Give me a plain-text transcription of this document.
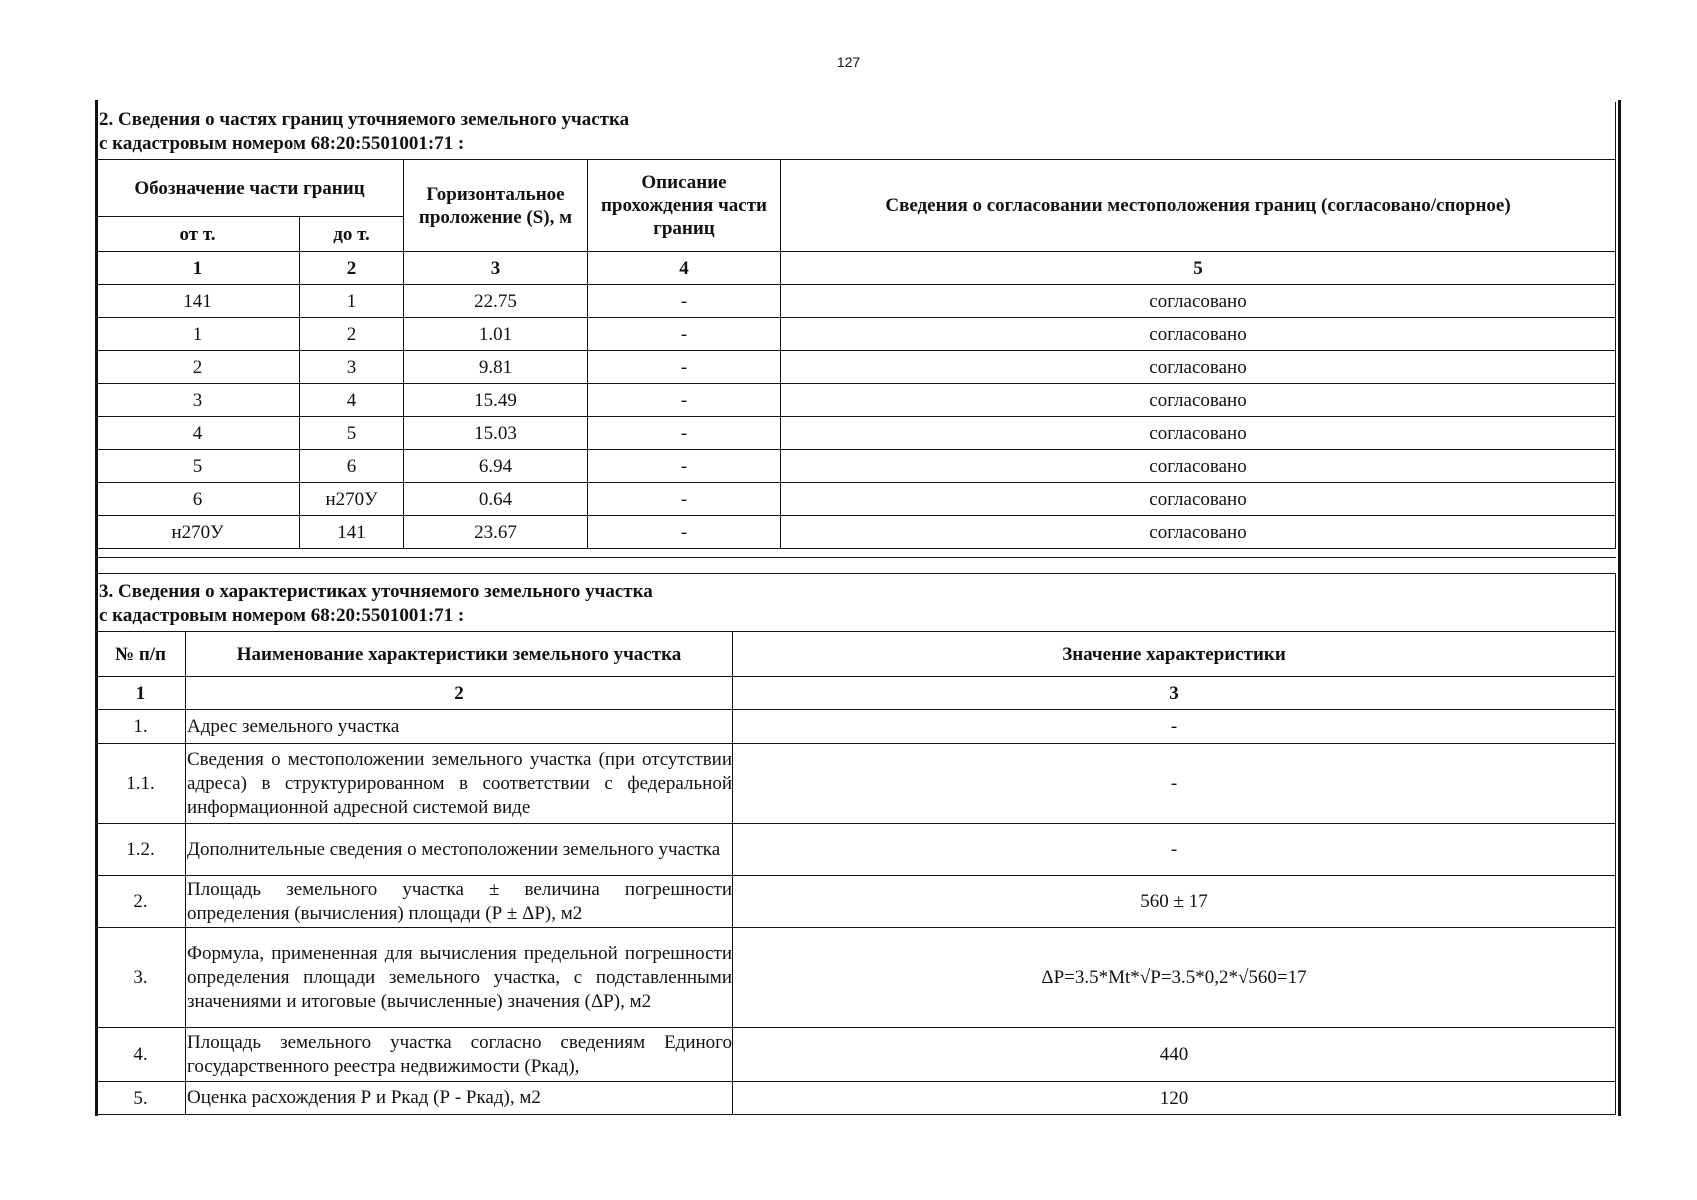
127
2. Сведения о частях границ уточняемого земельного участка
с кадастровым номером 68:20:5501001:71 :				

Обозначение части границ		Горизонтальное проложение (S), м	Описание прохождения части границ	Сведения о согласовании местоположения границ (согласовано/спорное)
от т.	до т.			
1	2	3	4	5
141	1	22.75	-	согласовано
1	2	1.01	-	согласовано
2	3	9.81	-	согласовано
3	4	15.49	-	согласовано
4	5	15.03	-	согласовано
5	6	6.94	-	согласовано
6	н270У	0.64	-	согласовано
н270У	141	23.67	-	согласовано

3. Сведения о характеристиках уточняемого земельного участка
с кадастровым номером 68:20:5501001:71 :		

№ п/п	Наименование характеристики земельного участка	Значение характеристики
1	2	3
1.	Адрес земельного участка	-
1.1.	Сведения о местоположении земельного участка (при отсутствии адреса) в структурированном в соответствии с федеральной информационной адресной системой виде	-
1.2.	Дополнительные сведения о местоположении земельного участка	-
2.	Площадь земельного участка ± величина погрешности определения (вычисления) площади (Р ± ΔР), м2	560 ± 17
3.	Формула, примененная для вычисления предельной погрешности определения площади земельного участка, с подставленными значениями и итоговые (вычисленные) значения (ΔР), м2	ΔР=3.5*Mt*√P=3.5*0,2*√560=17
4.	Площадь земельного участка согласно сведениям Единого государственного реестра недвижимости (Ркад),	440
5.	Оценка расхождения Р и Ркад (Р - Ркад), м2	120
